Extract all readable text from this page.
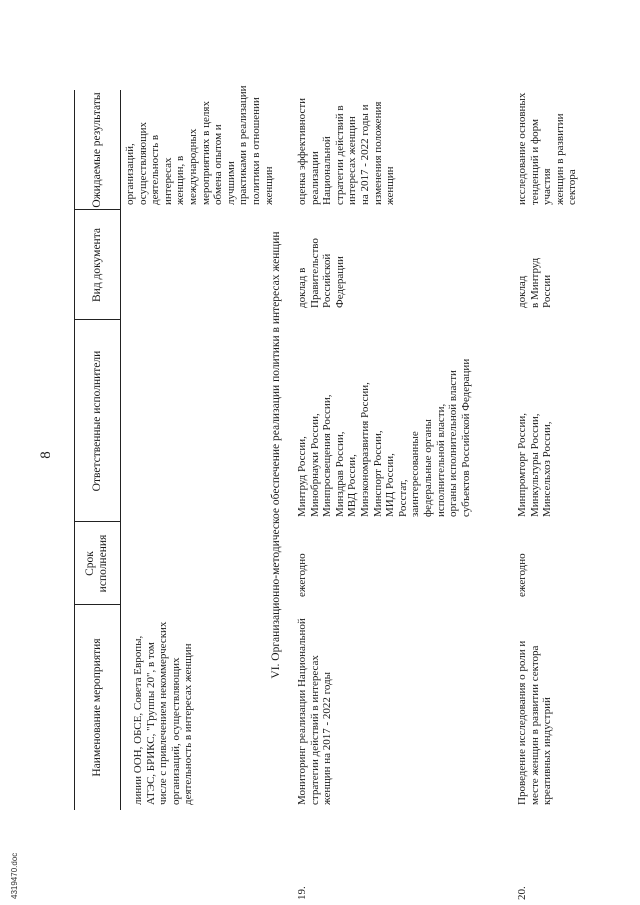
4319470.doc
8
Наименование мероприятия
Срок
исполнения
Ответственные исполнители
Вид документа
Ожидаемые результаты
линии ООН, ОБСЕ, Совета Европы,
АТЭС, БРИКС, "Группы 20", в том
числе с привлечением некоммерческих
организаций, осуществляющих
деятельность в интересах женщин
организаций,
осуществляющих
деятельность в интересах
женщин, в международных
мероприятиях в целях
обмена опытом и лучшими
практиками в реализации
политики в отношении
женщин
VI. Организационно-методическое обеспечение реализации политики в интересах женщин
19.
Мониторинг реализации Национальной
стратегии действий в интересах
женщин на 2017 - 2022 годы
ежегодно
Минтруд России,
Минобрнауки России,
Минпросвещения России,
Минздрав России,
МВД России,
Минэкономразвития России,
Минспорт России,
МИД России,
Росстат,
заинтересованные
федеральные органы
исполнительной власти,
органы исполнительной власти
субъектов Российской Федерации
доклад в
Правительство
Российской
Федерации
оценка эффективности
реализации Национальной
стратегии действий в
интересах женщин
на 2017 - 2022 годы и
изменения положения
женщин
20.
Проведение исследования о роли и
месте женщин в развитии сектора
креативных индустрий
ежегодно
Минпромторг России,
Минкультуры России,
Минсельхоз России,
доклад
в Минтруд
России
исследование основных
тенденций и форм участия
женщин в развитии сектора
